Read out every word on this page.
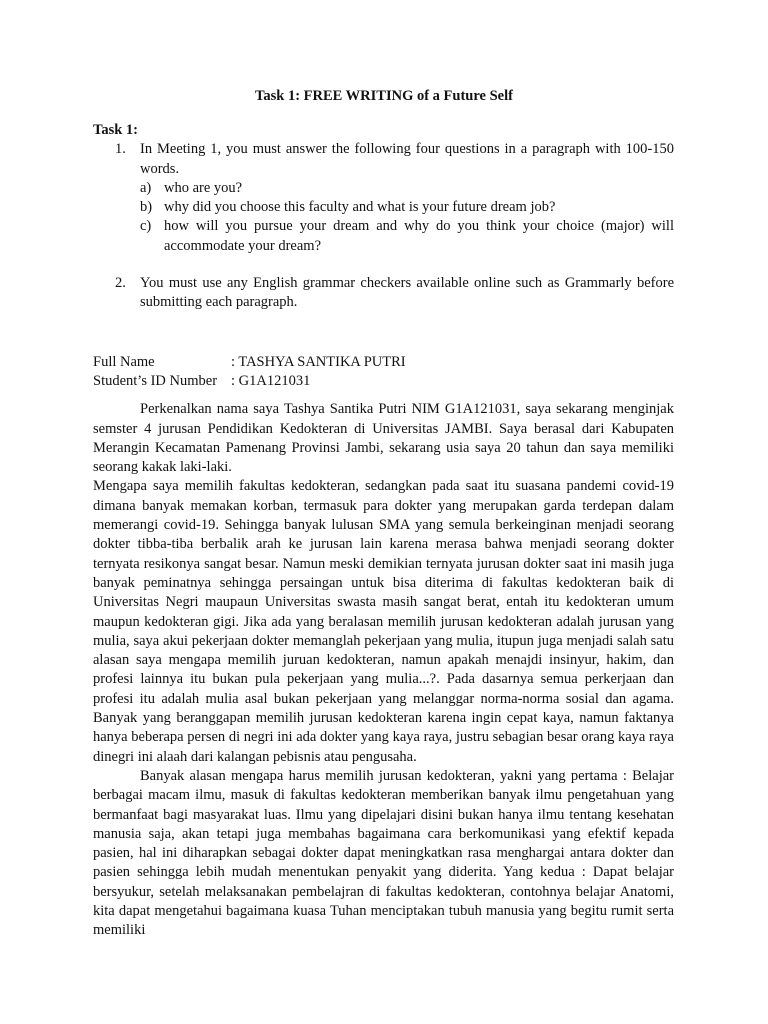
Task 1: FREE WRITING of a Future Self
Task 1:
1. In Meeting 1, you must answer the following four questions in a paragraph with 100-150 words.
a) who are you?
b) why did you choose this faculty and what is your future dream job?
c) how will you pursue your dream and why do you think your choice (major) will accommodate your dream?
2. You must use any English grammar checkers available online such as Grammarly before submitting each paragraph.
Full Name	: TASHYA SANTIKA PUTRI
Student’s ID Number : G1A121031

Perkenalkan nama saya Tashya Santika Putri NIM G1A121031, saya sekarang menginjak semster 4 jurusan Pendidikan Kedokteran di Universitas JAMBI. Saya berasal dari Kabupaten Merangin Kecamatan Pamenang Provinsi Jambi, sekarang usia saya 20 tahun dan saya memiliki seorang kakak laki-laki.

Mengapa saya memilih fakultas kedokteran, sedangkan pada saat itu suasana pandemi covid-19 dimana banyak memakan korban, termasuk para dokter yang merupakan garda terdepan dalam memerangi covid-19. Sehingga banyak lulusan SMA yang semula berkeinginan menjadi seorang dokter tibba-tiba berbalik arah ke jurusan lain karena merasa bahwa menjadi seorang dokter ternyata resikonya sangat besar. Namun meski demikian ternyata jurusan dokter saat ini masih juga banyak peminatnya sehingga persaingan untuk bisa diterima di fakultas kedokteran baik di Universitas Negri maupaun Universitas swasta masih sangat berat, entah itu kedokteran umum maupun kedokteran gigi. Jika ada yang beralasan memilih jurusan kedokteran adalah jurusan yang mulia, saya akui pekerjaan dokter memanglah pekerjaan yang mulia, itupun juga menjadi salah satu alasan saya mengapa memilih juruan kedokteran, namun apakah menajdi insinyur, hakim, dan profesi lainnya itu bukan pula pekerjaan yang mulia...?. Pada dasarnya semua perkerjaan dan profesi itu adalah mulia asal bukan pekerjaan yang melanggar norma-norma sosial dan agama. Banyak yang beranggapan memilih jurusan kedokteran karena ingin cepat kaya, namun faktanya hanya beberapa persen di negri ini ada dokter yang kaya raya, justru sebagian besar orang kaya raya dinegri ini alaah dari kalangan pebisnis atau pengusaha.

Banyak alasan mengapa harus memilih jurusan kedokteran, yakni yang pertama : Belajar berbagai macam ilmu, masuk di fakultas kedokteran memberikan banyak ilmu pengetahuan yang bermanfaat bagi masyarakat luas. Ilmu yang dipelajari disini bukan hanya ilmu tentang kesehatan manusia saja, akan tetapi juga membahas bagaimana cara berkomunikasi yang efektif kepada pasien, hal ini diharapkan sebagai dokter dapat meningkatkan rasa menghargai antara dokter dan pasien sehingga lebih mudah menentukan penyakit yang diderita. Yang kedua : Dapat belajar bersyukur, setelah melaksanakan pembelajran di fakultas kedokteran, contohnya belajar Anatomi, kita dapat mengetahui bagaimana kuasa Tuhan menciptakan tubuh manusia yang begitu rumit serta memiliki
